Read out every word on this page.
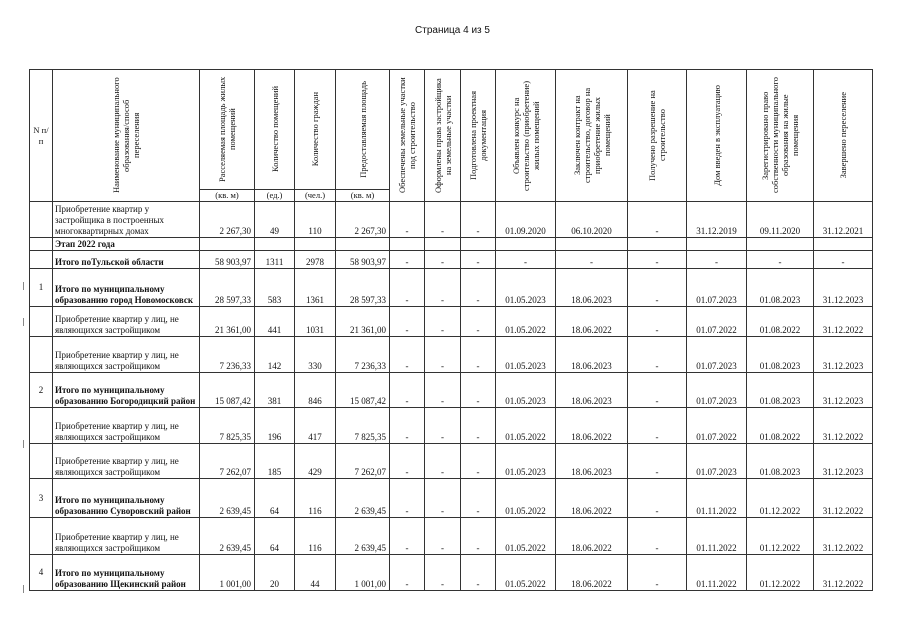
Страница 4 из 5
N п/п	Наименование муниципального образования/способ переселения	Расселяемая площадь жилых помещений	Количество помещений	Количество граждан	Предоставляемая площадь	Обеспечены земельные участки под строительство	Оформлены права застройщика на земельные участки	Подготовлена проектная документация	Объявлен конкурс на строительство (приобретение) жилых помещений	Заключен контракт на строительство, договор на приобретение жилых помещений	Получено разрешение на строительство	Дом введен в эксплуатацию	Зарегистрировано право собственности муниципального образования на жилые помещения	Завершено переселение

		(кв. м)	(ед.)	(чел.)	(кв. м)									
	Приобретение квартир у застройщика в построенных многоквартирных домах	2 267,30	49	110	2 267,30	-	-	-	01.09.2020	06.10.2020	-	31.12.2019	09.11.2020	31.12.2021
	Этап 2022 года													
	Итого поТульской области	58 903,97	1311	2978	58 903,97	-	-	-	-	-	-	-	-	-
1	Итого по муниципальному образованию город Новомосковск	28 597,33	583	1361	28 597,33	-	-	-	01.05.2023	18.06.2023	-	01.07.2023	01.08.2023	31.12.2023
	Приобретение квартир у лиц, не являющихся застройщиком	21 361,00	441	1031	21 361,00	-	-	-	01.05.2022	18.06.2022	-	01.07.2022	01.08.2022	31.12.2022
	Приобретение квартир у лиц, не являющихся застройщиком	7 236,33	142	330	7 236,33	-	-	-	01.05.2023	18.06.2023	-	01.07.2023	01.08.2023	31.12.2023
2	Итого по муниципальному образованию Богородицкий район	15 087,42	381	846	15 087,42	-	-	-	01.05.2023	18.06.2023	-	01.07.2023	01.08.2023	31.12.2023
	Приобретение квартир у лиц, не являющихся застройщиком	7 825,35	196	417	7 825,35	-	-	-	01.05.2022	18.06.2022	-	01.07.2022	01.08.2022	31.12.2022
	Приобретение квартир у лиц, не являющихся застройщиком	7 262,07	185	429	7 262,07	-	-	-	01.05.2023	18.06.2023	-	01.07.2023	01.08.2023	31.12.2023
3	Итого по муниципальному образованию Суворовский район	2 639,45	64	116	2 639,45	-	-	-	01.05.2022	18.06.2022	-	01.11.2022	01.12.2022	31.12.2022
	Приобретение квартир у лиц, не являющихся застройщиком	2 639,45	64	116	2 639,45	-	-	-	01.05.2022	18.06.2022	-	01.11.2022	01.12.2022	31.12.2022
4	Итого по муниципальному образованию Щекинский район	1 001,00	20	44	1 001,00	-	-	-	01.05.2022	18.06.2022	-	01.11.2022	01.12.2022	31.12.2022
